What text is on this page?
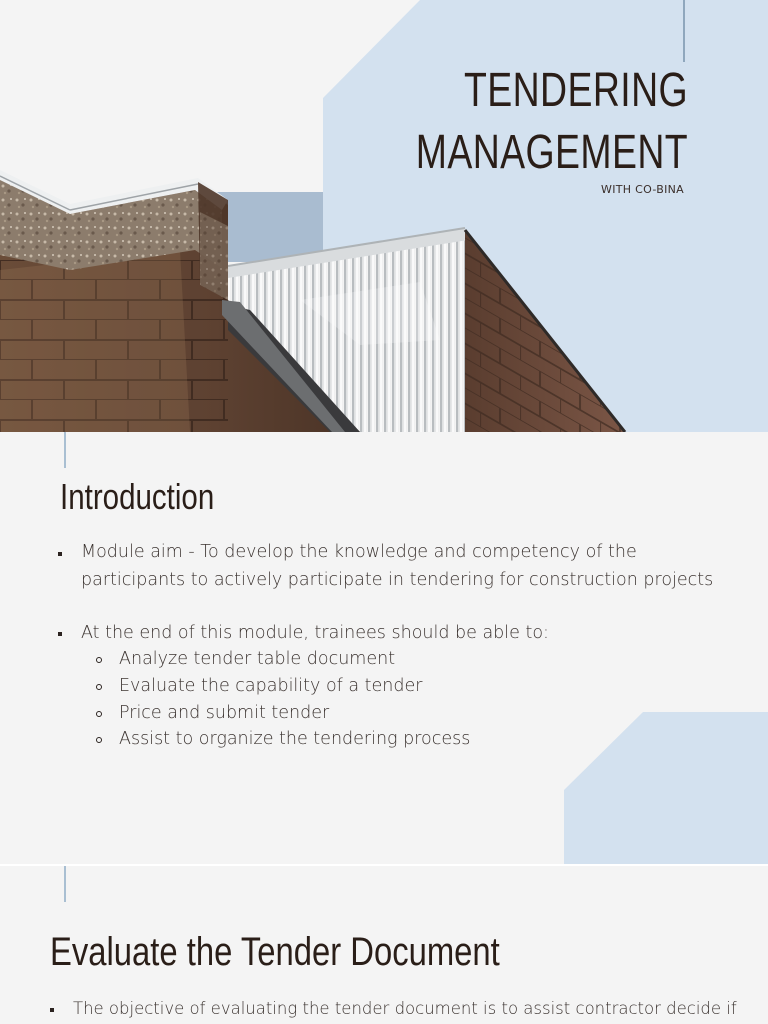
TENDERING
MANAGEMENT
WITH CO-BINA
Introduction
Module aim - To develop the knowledge and competency of the
participants to actively participate in tendering for construction projects
At the end of this module, trainees should be able to:
Analyze tender table document
Evaluate the capability of a tender
Price and submit tender
Assist to organize the tendering process
Evaluate the Tender Document
The objective of evaluating the tender document is to assist contractor decide if
